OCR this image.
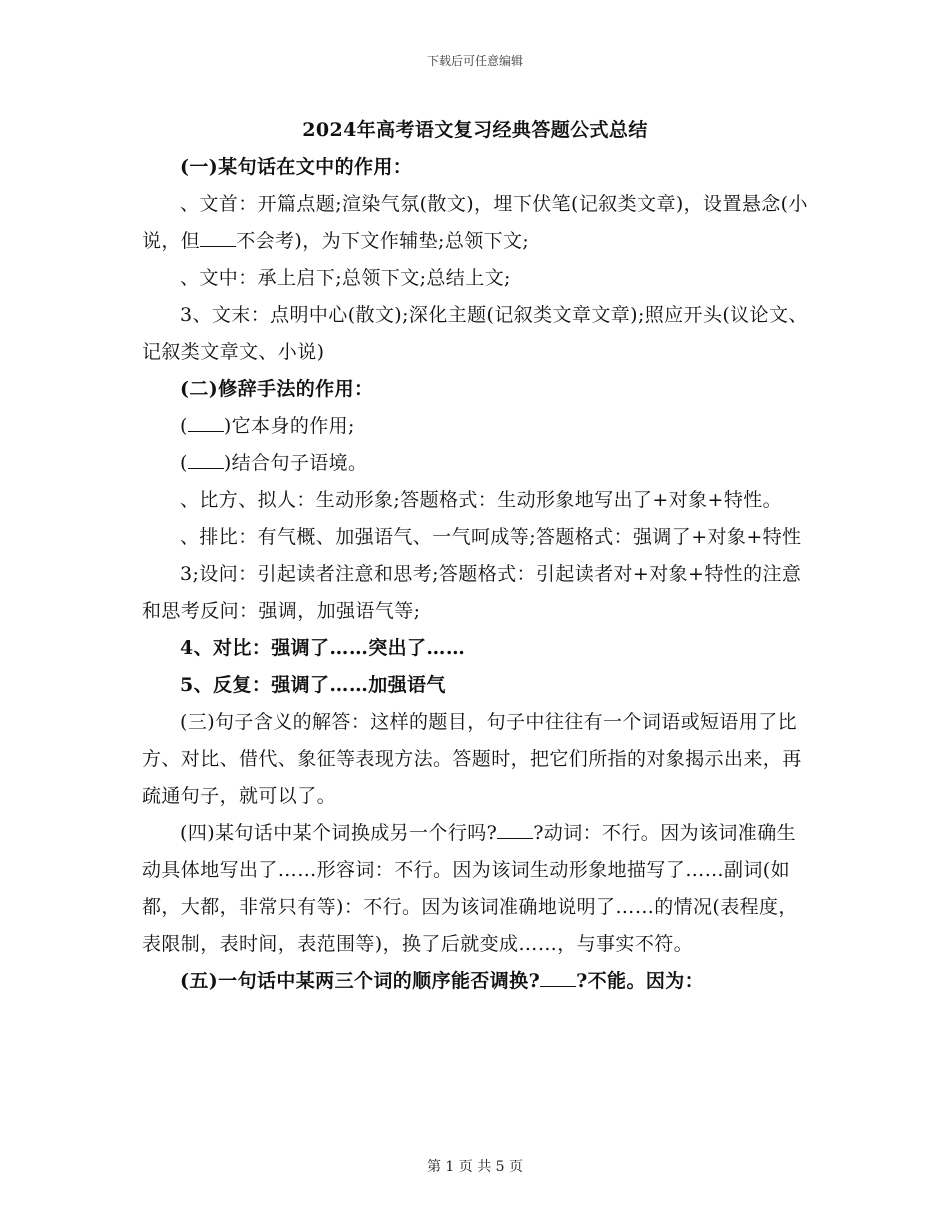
下载后可任意编辑
2024年高考语文复习经典答题公式总结

(一)某句话在文中的作用：

、文首：开篇点题;渲染气氛(散文)，埋下伏笔(记叙类文章)，设置悬念(小说，但 不会考)，为下文作辅垫;总领下文;

、文中：承上启下;总领下文;总结上文;

3、文末：点明中心(散文);深化主题(记叙类文章文章);照应开头(议论文、记叙类文章文、小说)

(二)修辞手法的作用：

( )它本身的作用;

( )结合句子语境。

、比方、拟人：生动形象;答题格式：生动形象地写出了+对象+特性。

、排比：有气概、加强语气、一气呵成等;答题格式：强调了+对象+特性

3;设问：引起读者注意和思考;答题格式：引起读者对+对象+特性的注意和思考反问：强调，加强语气等;

4、对比：强调了……突出了……

5、反复：强调了……加强语气

(三)句子含义的解答：这样的题目，句子中往往有一个词语或短语用了比方、对比、借代、象征等表现方法。答题时，把它们所指的对象揭示出来，再疏通句子，就可以了。

(四)某句话中某个词换成另一个行吗? ?动词：不行。因为该词准确生动具体地写出了……形容词：不行。因为该词生动形象地描写了……副词(如都，大都，非常只有等)：不行。因为该词准确地说明了……的情况(表程度，表限制，表时间，表范围等)，换了后就变成……，与事实不符。

(五)一句话中某两三个词的顺序能否调换? ?不能。因为：

第 1 页 共 5 页
